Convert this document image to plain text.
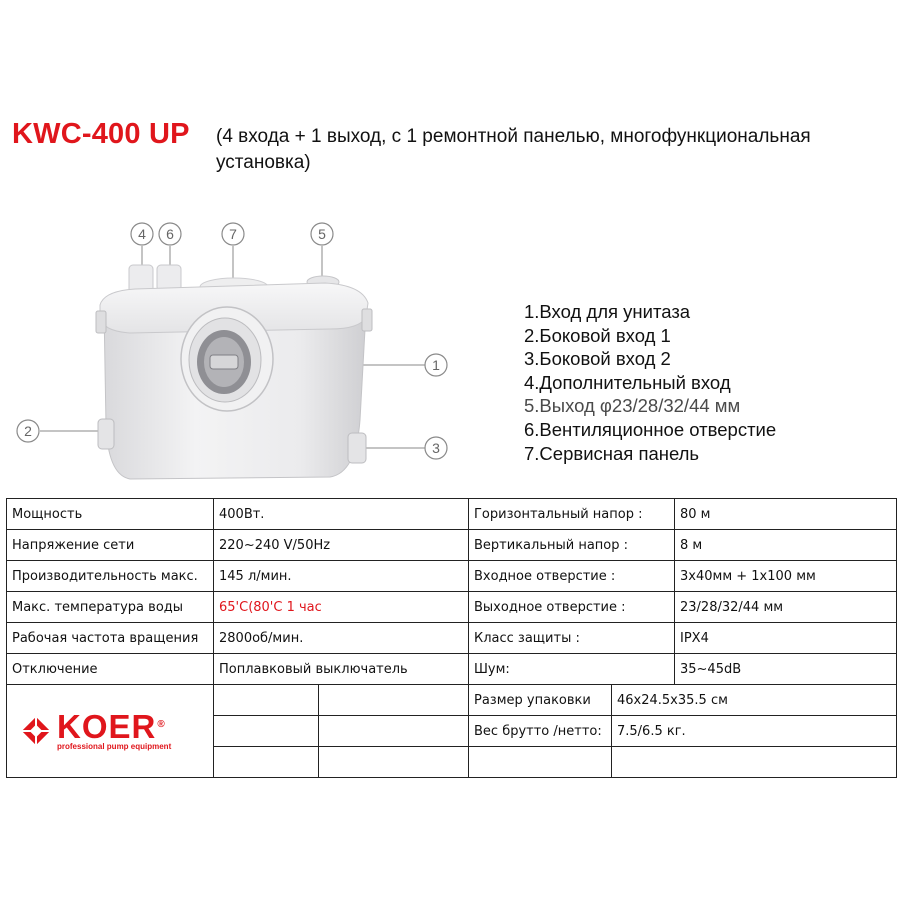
KWC-400 UP (4 входа + 1 выход, с 1 ремонтной панелью, многофункциональная установка)
4 6	7	5
1
2
3
1.Вход для унитаза
2.Боковой вход 1
3.Боковой вход 2
4.Дополнительный вход
5.Выход φ23/28/32/44 мм
6.Вентиляционное отверстие
7.Сервисная панель
Мощность	400Вт.		Горизонтальный напор :		80 м
Напряжение сети	220~240 V/50Hz		Вертикальный напор :		8 м
Производительность макс.	145 л/мин.		Входное отверстие :		3х40мм + 1х100 мм
Макс. температура воды	65'C(80'C 1 час		Выходное отверстие :		23/28/32/44 мм
Рабочая частота вращения	2800об/мин.		Класс защиты :		IPX4
Отключение	Поплавковый выключатель		Шум:		35~45dB

KOER®
professional pump equipment			Размер упаковки	46x24.5x35.5 см	
			Вес брутто /нетто:	7.5/6.5 кг.	
